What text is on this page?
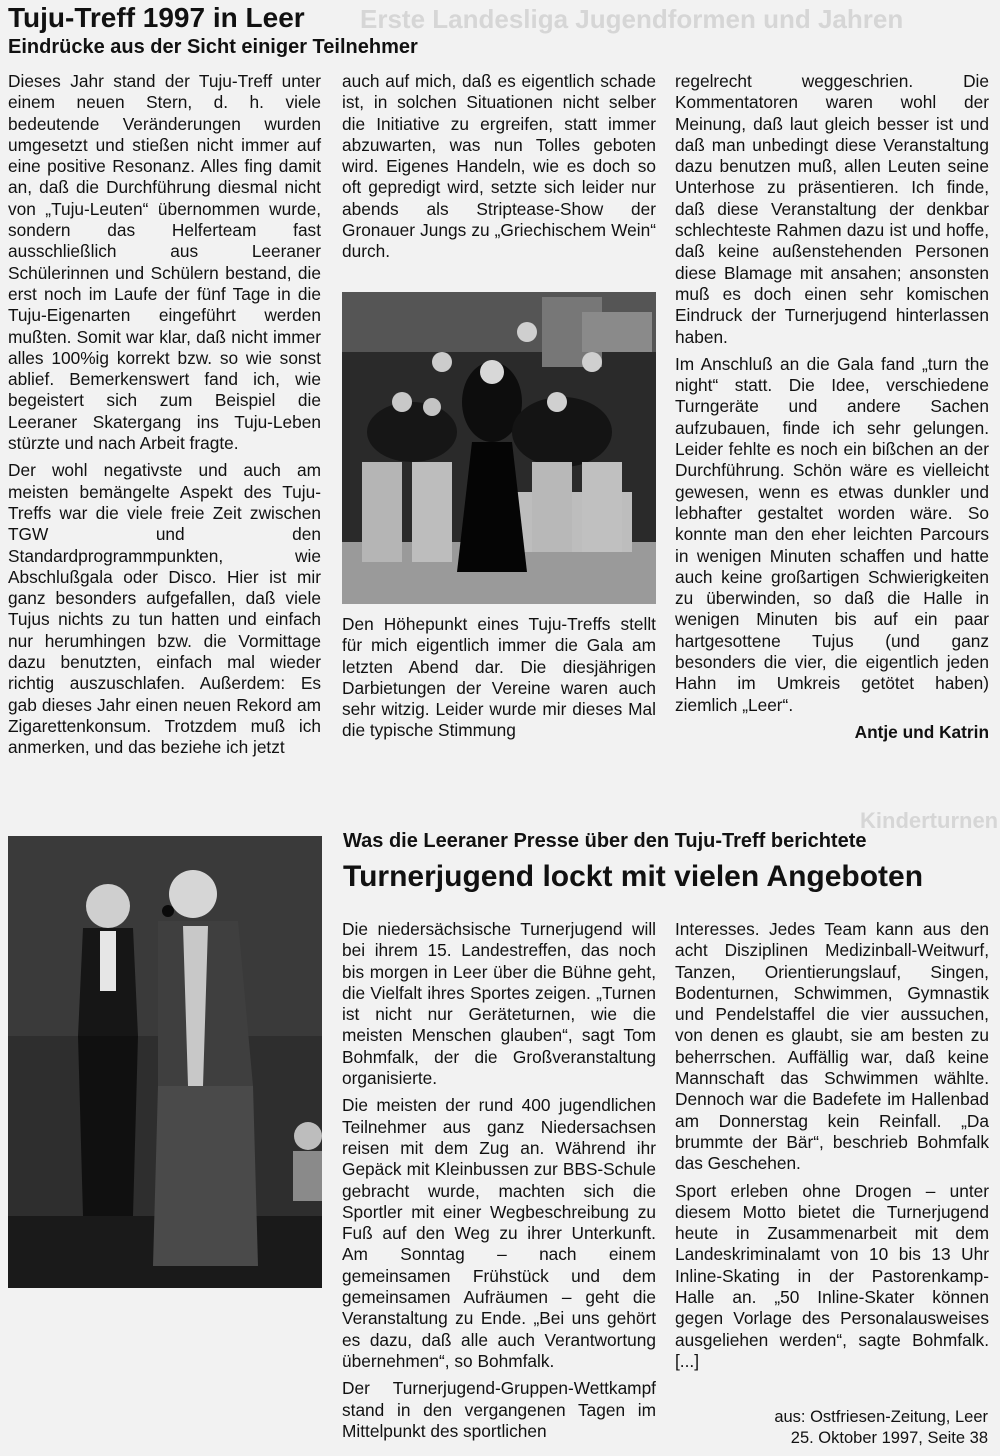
Erste Landesliga Jugendformen und Jahren
Kinderturnen
Tuju-Treff 1997 in Leer
Eindrücke aus der Sicht einiger Teilnehmer

Dieses Jahr stand der Tuju-Treff unter einem neuen Stern, d. h. viele bedeutende Veränderungen wurden umgesetzt und stießen nicht immer auf eine positive Resonanz. Alles fing damit an, daß die Durchführung diesmal nicht von „Tuju-Leuten“ übernommen wurde, sondern das Helferteam fast ausschließlich aus Leeraner Schülerinnen und Schülern bestand, die erst noch im Laufe der fünf Tage in die Tuju-Eigenarten eingeführt werden mußten. Somit war klar, daß nicht immer alles 100%ig korrekt bzw. so wie sonst ablief. Bemerkenswert fand ich, wie begeistert sich zum Beispiel die Leeraner Skatergang ins Tuju-Leben stürzte und nach Arbeit fragte.

Der wohl negativste und auch am meisten bemängelte Aspekt des Tuju-Treffs war die viele freie Zeit zwischen TGW und den Standardprogrammpunkten, wie Abschlußgala oder Disco. Hier ist mir ganz besonders aufgefallen, daß viele Tujus nichts zu tun hatten und einfach nur herumhingen bzw. die Vormittage dazu benutzten, einfach mal wieder richtig auszuschlafen. Außerdem: Es gab dieses Jahr einen neuen Rekord am Zigarettenkonsum. Trotzdem muß ich anmerken, und das beziehe ich jetzt

auch auf mich, daß es eigentlich schade ist, in solchen Situationen nicht selber die Initiative zu ergreifen, statt immer abzuwarten, was nun Tolles geboten wird. Eigenes Handeln, wie es doch so oft gepredigt wird, setzte sich leider nur abends als Striptease-Show der Gronauer Jungs zu „Griechischem Wein“ durch.

Den Höhepunkt eines Tuju-Treffs stellt für mich eigentlich immer die Gala am letzten Abend dar. Die diesjährigen Darbietungen der Vereine waren auch sehr witzig. Leider wurde mir dieses Mal die typische Stimmung

regelrecht weggeschrien. Die Kommentatoren waren wohl der Meinung, daß laut gleich besser ist und daß man unbedingt diese Veranstaltung dazu benutzen muß, allen Leuten seine Unterhose zu präsentieren. Ich finde, daß diese Veranstaltung der denkbar schlechteste Rahmen dazu ist und hoffe, daß keine außenstehenden Personen diese Blamage mit ansahen; ansonsten muß es doch einen sehr komischen Eindruck der Turnerjugend hinterlassen haben.

Im Anschluß an die Gala fand „turn the night“ statt. Die Idee, verschiedene Turngeräte und andere Sachen aufzubauen, finde ich sehr gelungen. Leider fehlte es noch ein bißchen an der Durchführung. Schön wäre es vielleicht gewesen, wenn es etwas dunkler und lebhafter gestaltet worden wäre. So konnte man den eher leichten Parcours in wenigen Minuten schaffen und hatte auch keine großartigen Schwierigkeiten zu überwinden, so daß die Halle in wenigen Minuten bis auf ein paar hartgesottene Tujus (und ganz besonders die vier, die eigentlich jeden Hahn im Umkreis getötet haben) ziemlich „Leer“.

Antje und Katrin

Was die Leeraner Presse über den Tuju-Treff berichtete
Turnerjugend lockt mit vielen Angeboten

Die niedersächsische Turnerjugend will bei ihrem 15. Landestreffen, das noch bis morgen in Leer über die Bühne geht, die Vielfalt ihres Sportes zeigen. „Turnen ist nicht nur Geräteturnen, wie die meisten Menschen glauben“, sagt Tom Bohmfalk, der die Großveranstaltung organisierte.

Die meisten der rund 400 jugendlichen Teilnehmer aus ganz Niedersachsen reisen mit dem Zug an. Während ihr Gepäck mit Kleinbussen zur BBS-Schule gebracht wurde, machten sich die Sportler mit einer Wegbeschreibung zu Fuß auf den Weg zu ihrer Unterkunft. Am Sonntag – nach einem gemeinsamen Frühstück und dem gemeinsamen Aufräumen – geht die Veranstaltung zu Ende. „Bei uns gehört es dazu, daß alle auch Verantwortung übernehmen“, so Bohmfalk.

Der Turnerjugend-Gruppen-Wettkampf stand in den vergangenen Tagen im Mittelpunkt des sportlichen

Interesses. Jedes Team kann aus den acht Disziplinen Medizinball-Weitwurf, Tanzen, Orientierungslauf, Singen, Bodenturnen, Schwimmen, Gymnastik und Pendelstaffel die vier aussuchen, von denen es glaubt, sie am besten zu beherrschen. Auffällig war, daß keine Mannschaft das Schwimmen wählte. Dennoch war die Badefete im Hallenbad am Donnerstag kein Reinfall. „Da brummte der Bär“, beschrieb Bohmfalk das Geschehen.

Sport erleben ohne Drogen – unter diesem Motto bietet die Turnerjugend heute in Zusammenarbeit mit dem Landeskriminalamt von 10 bis 13 Uhr Inline-Skating in der Pastorenkamp-Halle an. „50 Inline-Skater können gegen Vorlage des Personalausweises ausgeliehen werden“, sagte Bohmfalk. [...]

aus: Ostfriesen-Zeitung, Leer
25. Oktober 1997, Seite 38
